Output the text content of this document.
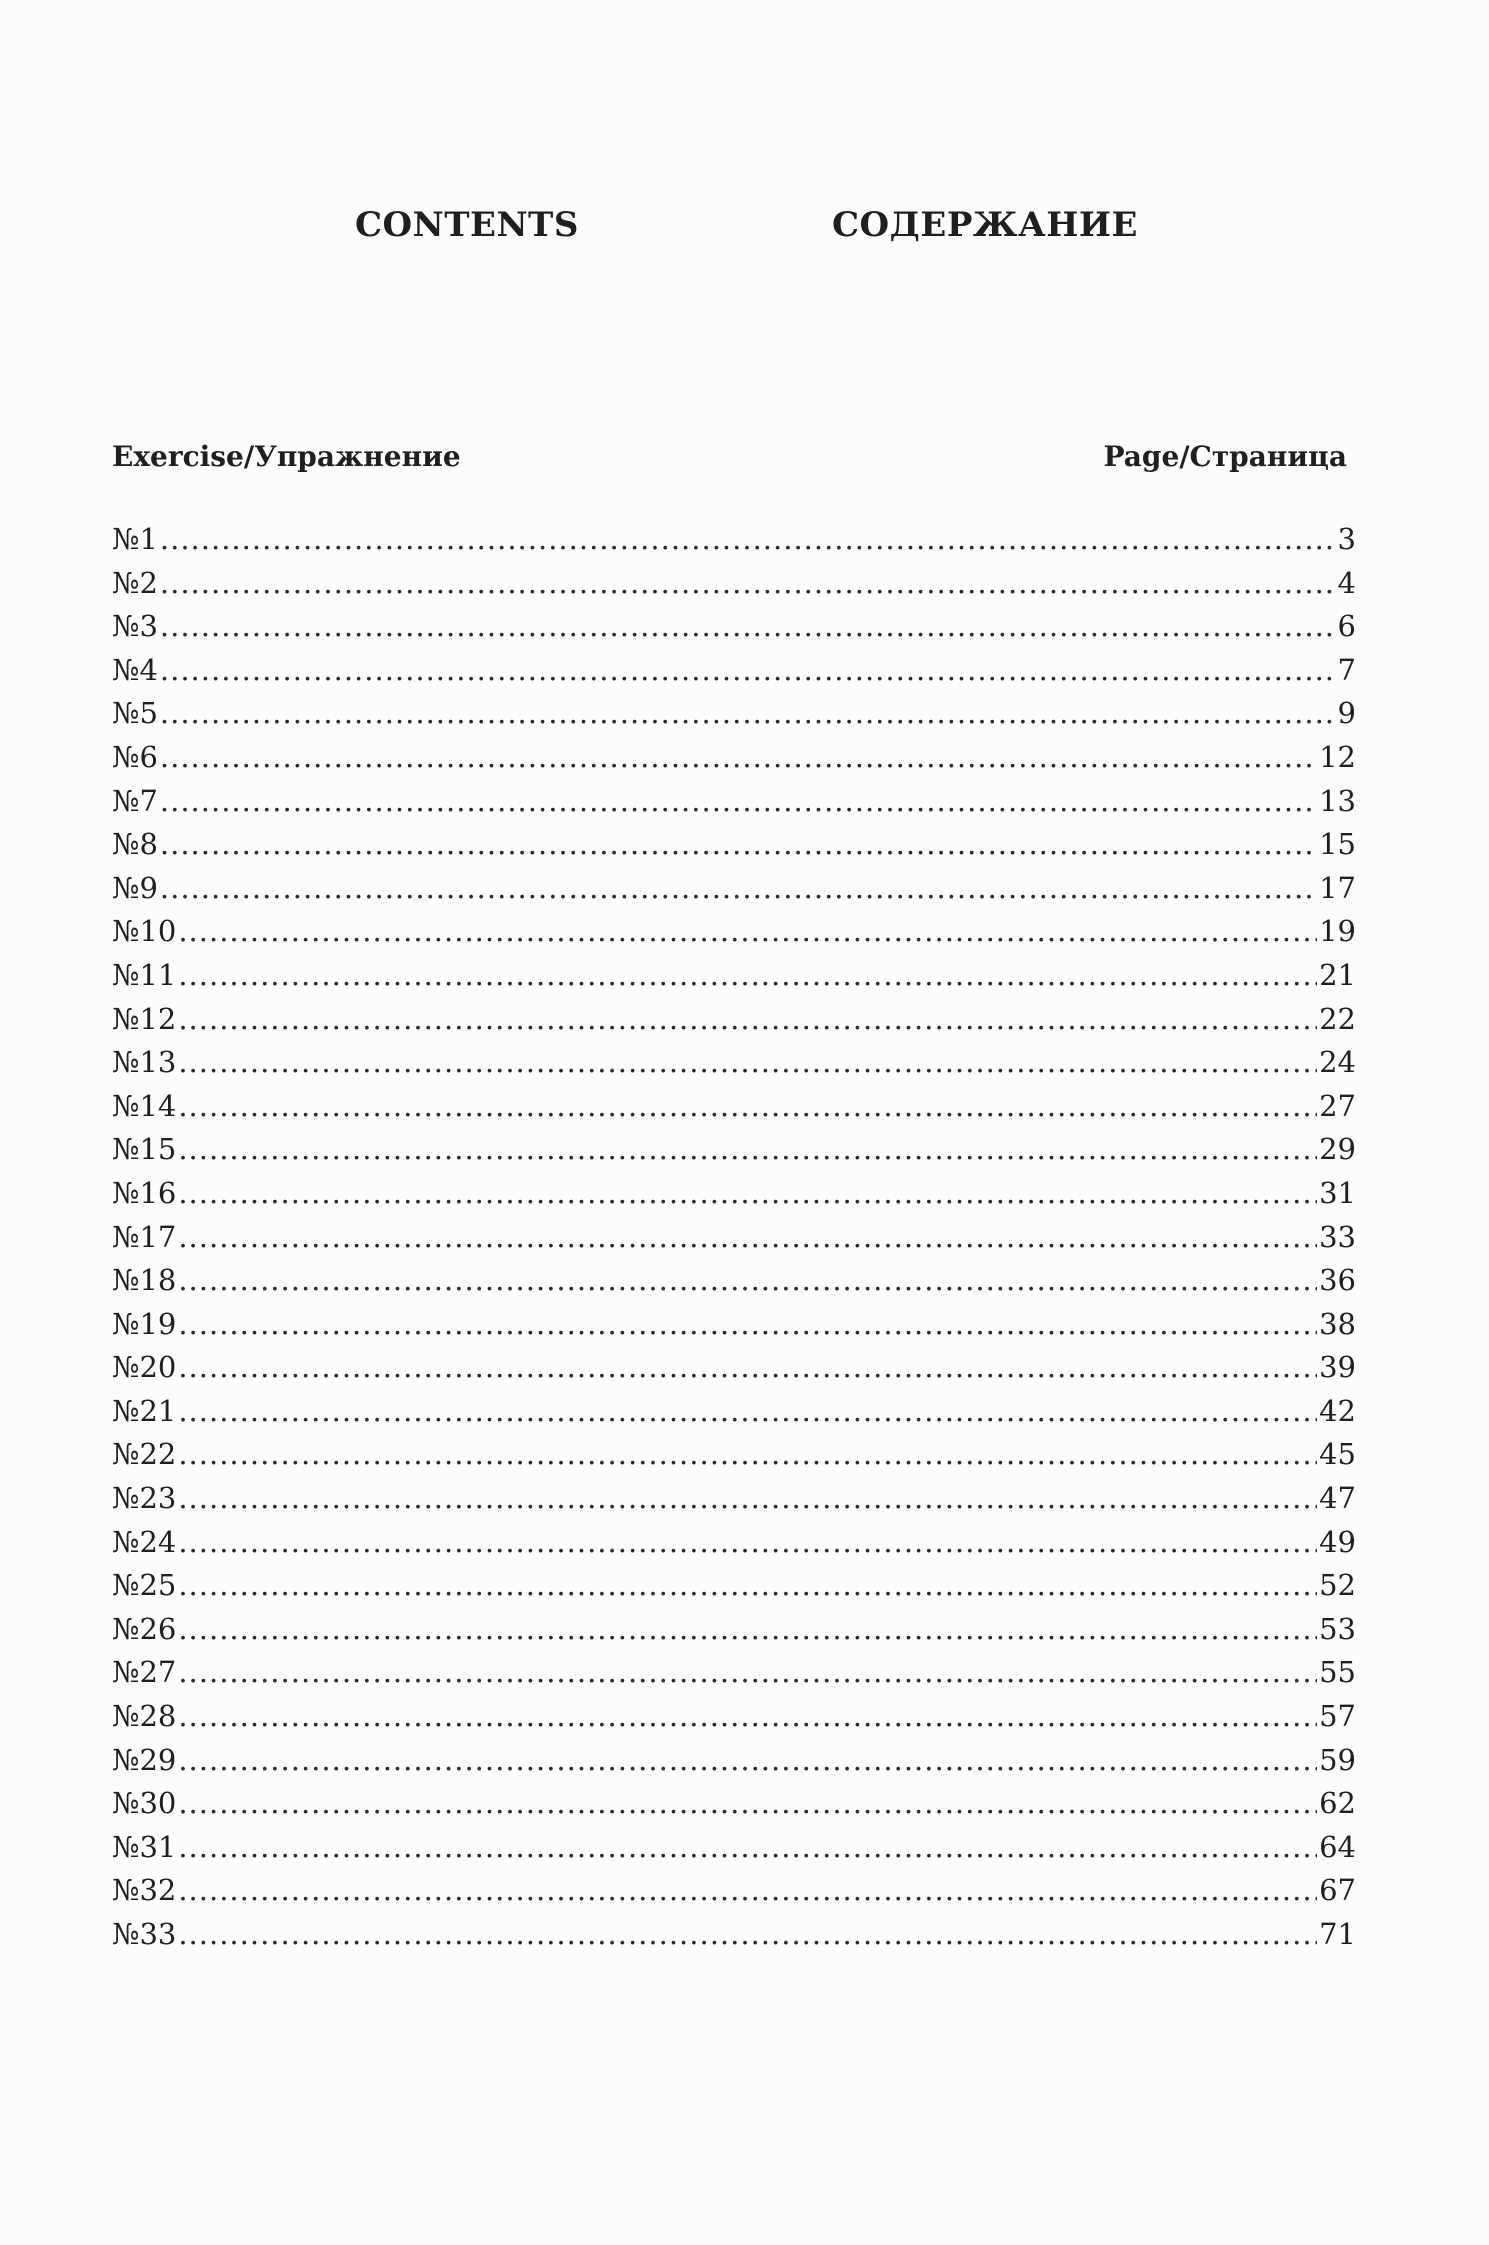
CONTENTS	СОДЕРЖАНИЕ
Exercise/Упражнение	Page/Страница
№1 .....	3
№2 .....	4
№3 .....	6
№4 .....	7
№5 .....	9
№6 .....	12
№7 .....	13
№8 .....	15
№9 .....	17
№10 .....	19
№11 .....	21
№12 .....	22
№13 .....	24
№14 .....	27
№15 .....	29
№16 .....	31
№17 .....	33
№18 .....	36
№19 .....	38
№20 .....	39
№21 .....	42
№22 .....	45
№23 .....	47
№24 .....	49
№25 .....	52
№26 .....	53
№27 .....	55
№28 .....	57
№29 .....	59
№30 .....	62
№31 .....	64
№32 .....	67
№33 .....	71
